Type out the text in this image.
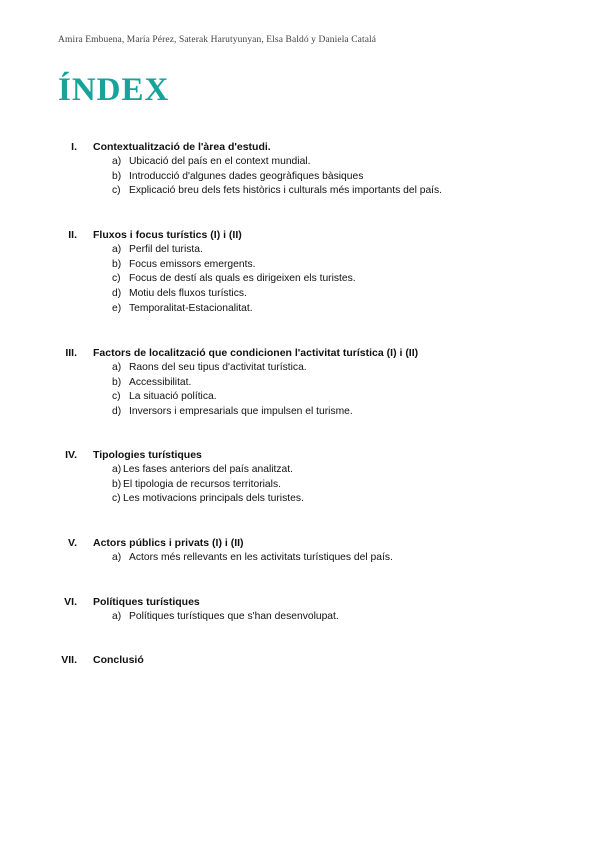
Amira Embuena, María Pérez, Saterak Harutyunyan, Elsa Baldó y Daniela Catalá
ÍNDEX
I. Contextualització de l'àrea d'estudi.
a) Ubicació del país en el context mundial.
b) Introducció d'algunes dades geogràfiques bàsiques
c) Explicació breu dels fets històrics i culturals més importants del país.
II. Fluxos i focus turístics (I) i (II)
a) Perfil del turista.
b) Focus emissors emergents.
c) Focus de destí als quals es dirigeixen els turistes.
d) Motiu dels fluxos turístics.
e) Temporalitat-Estacionalitat.
III. Factors de localització que condicionen l'activitat turística (I) i (II)
a) Raons del seu tipus d'activitat turística.
b) Accessibilitat.
c) La situació política.
d) Inversors i empresarials que impulsen el turisme.
IV. Tipologies turístiques
a) Les fases anteriors del país analitzat.
b) El tipologia de recursos territorials.
c) Les motivacions principals dels turistes.
V. Actors públics i privats (I) i (II)
a) Actors més rellevants en les activitats turístiques del país.
VI. Polítiques turístiques
a) Polítiques turístiques que s'han desenvolupat.
VII. Conclusió
